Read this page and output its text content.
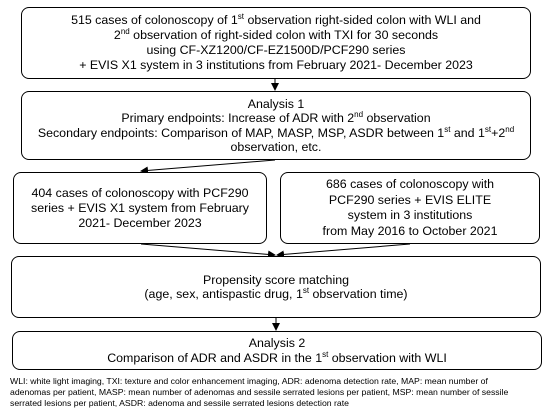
515 cases of colonoscopy of 1st observation right-sided colon with WLI and
2nd observation of right-sided colon with TXI for 30 seconds
using CF-XZ1200/CF-EZ1500D/PCF290 series
+ EVIS X1 system in 3 institutions from February 2021- December 2023
Analysis 1
Primary endpoints: Increase of ADR with 2nd observation
Secondary endpoints: Comparison of MAP, MASP, MSP, ASDR between 1st and 1st+2nd
observation, etc.
404 cases of colonoscopy with PCF290
series + EVIS X1 system from February
2021- December 2023
686 cases of colonoscopy with
PCF290 series + EVIS ELITE
system in 3 institutions
from May 2016 to October 2021
Propensity score matching
(age, sex, antispastic drug, 1st observation time)
Analysis 2
Comparison of ADR and ASDR in the 1st observation with WLI
WLI: white light imaging, TXI: texture and color enhancement imaging, ADR: adenoma detection rate, MAP: mean number of
adenomas per patient, MASP: mean number of adenomas and sessile serrated lesions per patient, MSP: mean number of sessile
serrated lesions per patient, ASDR: adenoma and sessile serrated lesions detection rate
